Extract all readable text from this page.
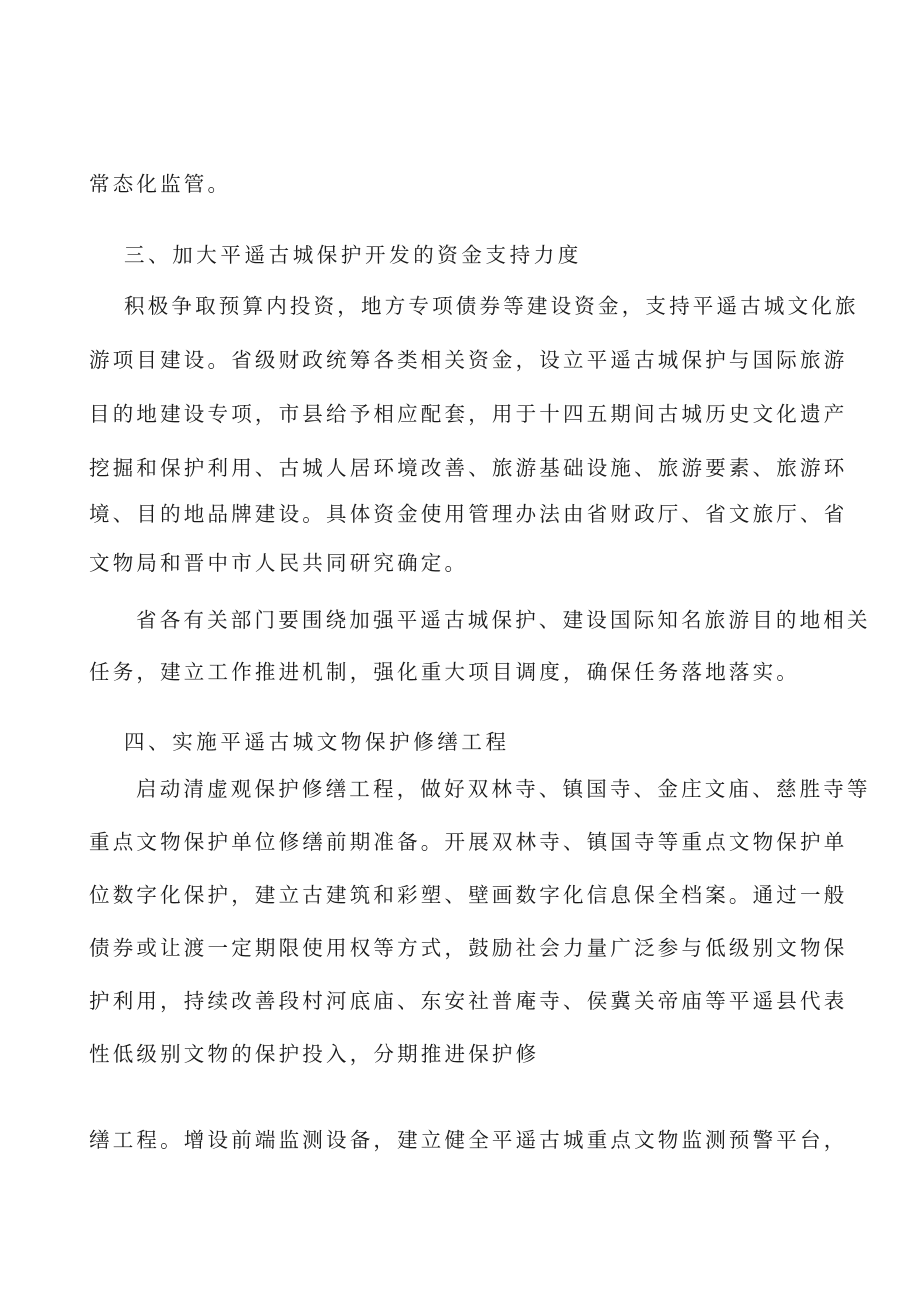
常态化监管。
三、加大平遥古城保护开发的资金支持力度
积极争取预算内投资，地方专项债券等建设资金，支持平遥古城文化旅
游项目建设。省级财政统筹各类相关资金，设立平遥古城保护与国际旅游
目的地建设专项，市县给予相应配套，用于十四五期间古城历史文化遗产
挖掘和保护利用、古城人居环境改善、旅游基础设施、旅游要素、旅游环
境、目的地品牌建设。具体资金使用管理办法由省财政厅、省文旅厅、省
文物局和晋中市人民共同研究确定。
省各有关部门要围绕加强平遥古城保护、建设国际知名旅游目的地相关
任务，建立工作推进机制，强化重大项目调度，确保任务落地落实。
四、实施平遥古城文物保护修缮工程
启动清虚观保护修缮工程，做好双林寺、镇国寺、金庄文庙、慈胜寺等
重点文物保护单位修缮前期准备。开展双林寺、镇国寺等重点文物保护单
位数字化保护，建立古建筑和彩塑、壁画数字化信息保全档案。通过一般
债券或让渡一定期限使用权等方式，鼓励社会力量广泛参与低级别文物保
护利用，持续改善段村河底庙、东安社普庵寺、侯冀关帝庙等平遥县代表
性低级别文物的保护投入，分期推进保护修
缮工程。增设前端监测设备，建立健全平遥古城重点文物监测预警平台，
